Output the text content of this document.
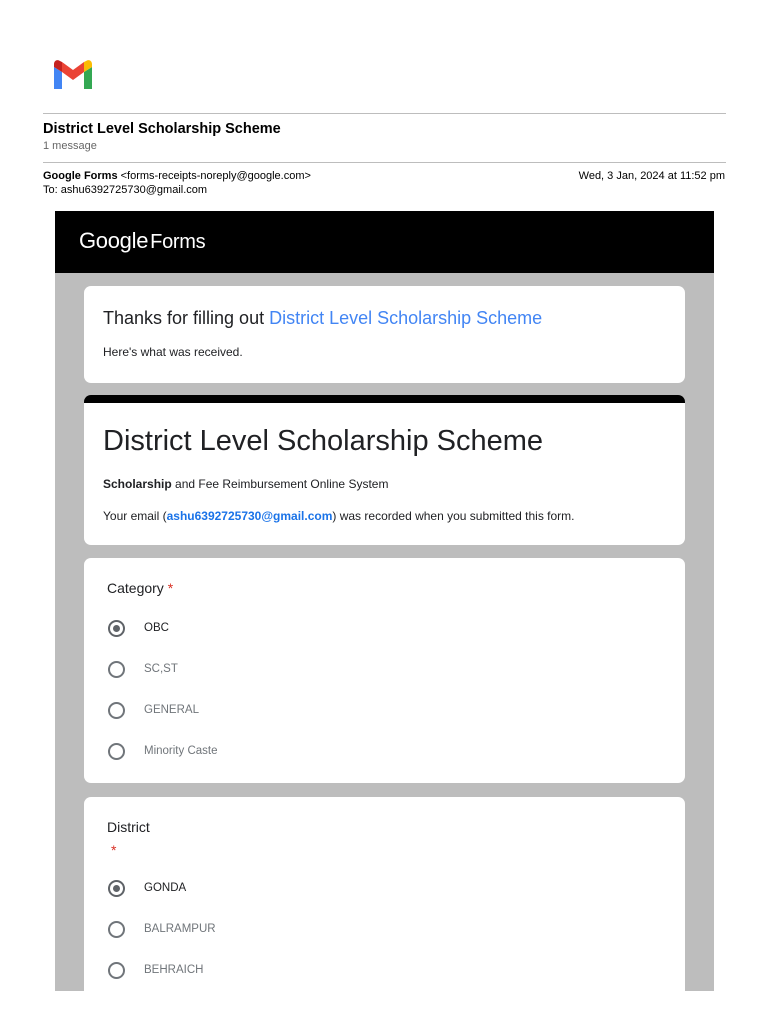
District Level Scholarship Scheme
1 message
Google Forms <forms-receipts-noreply@google.com>	Wed, 3 Jan, 2024 at 11:52 pm
To: ashu6392725730@gmail.com
Google Forms
Thanks for filling out District Level Scholarship Scheme
Here's what was received.
District Level Scholarship Scheme
Scholarship and Fee Reimbursement Online System
Your email (ashu6392725730@gmail.com) was recorded when you submitted this form.
Category *
OBC
SC,ST
GENERAL
Minority Caste
District
*
GONDA
BALRAMPUR
BEHRAICH
